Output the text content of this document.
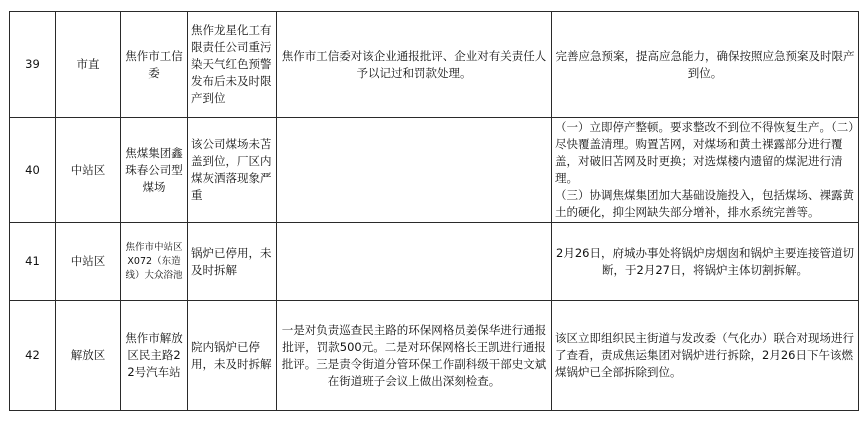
39	市直	焦作市工信委	焦作龙星化工有限责任公司重污染天气红色预警发布后未及时限产到位	焦作市工信委对该企业通报批评、企业对有关责任人予以记过和罚款处理。	完善应急预案，提高应急能力，确保按照应急预案及时限产到位。

40	中站区	焦煤集团鑫珠春公司型煤场	该公司煤场未苫盖到位，厂区内煤灰洒落现象严重		（一）立即停产整顿。要求整改不到位不得恢复生产。（二）尽快覆盖清理。购置苫网，对煤场和黄土裸露部分进行覆盖，对破旧苫网及时更换；对选煤楼内遗留的煤泥进行清理。
（三）协调焦煤集团加大基础设施投入，包括煤场、裸露黄土的硬化，抑尘网缺失部分增补，排水系统完善等。

41	中站区	焦作市中站区X072（东造线）大众浴池	锅炉已停用，未及时拆解		2月26日，府城办事处将锅炉房烟囱和锅炉主要连接管道切断，于2月27日，将锅炉主体切割拆解。

42	解放区	焦作市解放区民主路22号汽车站	院内锅炉已停用，未及时拆解	一是对负责巡查民主路的环保网格员姜保华进行通报批评，罚款500元。二是对环保网格长王凯进行通报批评。三是责令街道分管环保工作副科级干部史文斌在街道班子会议上做出深刻检查。	该区立即组织民主街道与发改委（气化办）联合对现场进行了查看，责成焦运集团对锅炉进行拆除，2月26日下午该燃煤锅炉已全部拆除到位。
